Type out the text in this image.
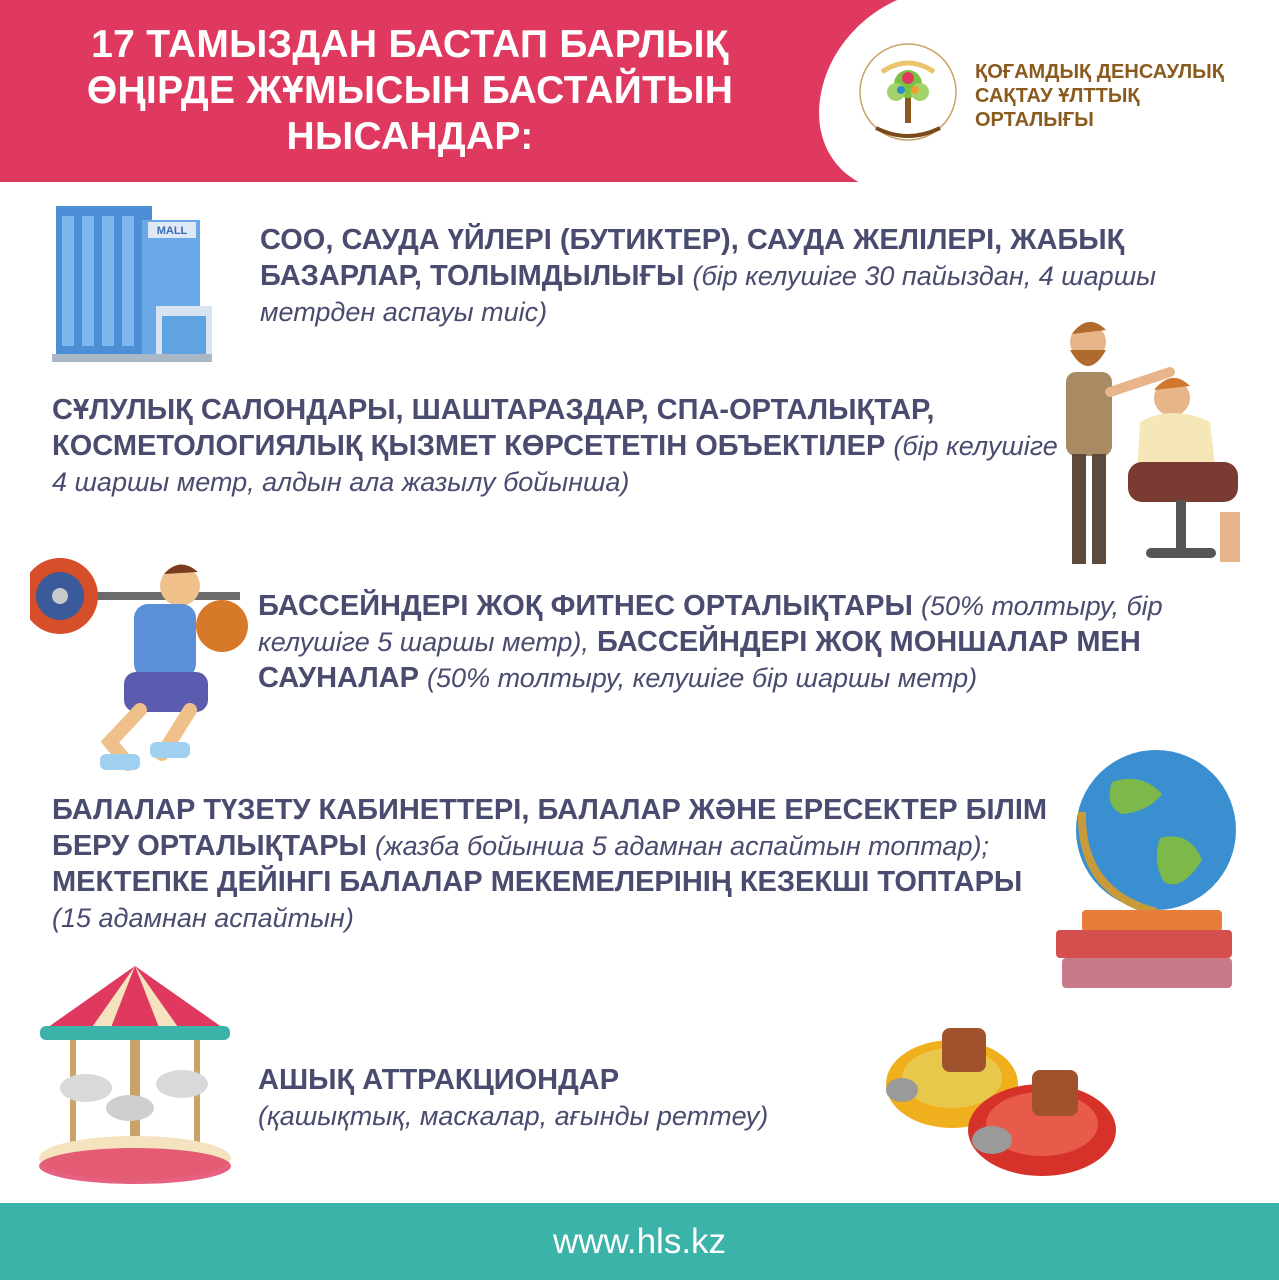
17 ТАМЫЗДАН БАСТАП БАРЛЫҚ ӨҢІРДЕ ЖҰМЫСЫН БАСТАЙТЫН НЫСАНДАР:
ҚОҒАМДЫҚ ДЕНСАУЛЫҚ
САҚТАУ ҰЛТТЫҚ
ОРТАЛЫҒЫ
MALL	СОО, САУДА ҮЙЛЕРІ (БУТИКТЕР), САУДА ЖЕЛІЛЕРІ, ЖАБЫҚ БАЗАРЛАР, ТОЛЫМДЫЛЫҒЫ (бір келушіге 30 пайыздан, 4 шаршы метрден аспауы тиіс)
СҰЛУЛЫҚ САЛОНДАРЫ, ШАШТАРАЗДАР, СПА-ОРТАЛЫҚТАР, КОСМЕТОЛОГИЯЛЫҚ ҚЫЗМЕТ КӨРСЕТЕТІН ОБЪЕКТІЛЕР (бір келушіге 4 шаршы метр, алдын ала жазылу бойынша)
БАССЕЙНДЕРІ ЖОҚ ФИТНЕС ОРТАЛЫҚТАРЫ (50% толтыру, бір келушіге 5 шаршы метр), БАССЕЙНДЕРІ ЖОҚ МОНШАЛАР МЕН САУНАЛАР (50% толтыру, келушіге бір шаршы метр)
БАЛАЛАР ТҮЗЕТУ КАБИНЕТТЕРІ, БАЛАЛАР ЖӘНЕ ЕРЕСЕКТЕР БІЛІМ БЕРУ ОРТАЛЫҚТАРЫ (жазба бойынша 5 адамнан аспайтын топтар); МЕКТЕПКЕ ДЕЙІНГІ БАЛАЛАР МЕКЕМЕЛЕРІНІҢ КЕЗЕКШІ ТОПТАРЫ (15 адамнан аспайтын)
АШЫҚ АТТРАКЦИОНДАР
(қашықтық, маскалар, ағынды реттеу)
www.hls.kz
